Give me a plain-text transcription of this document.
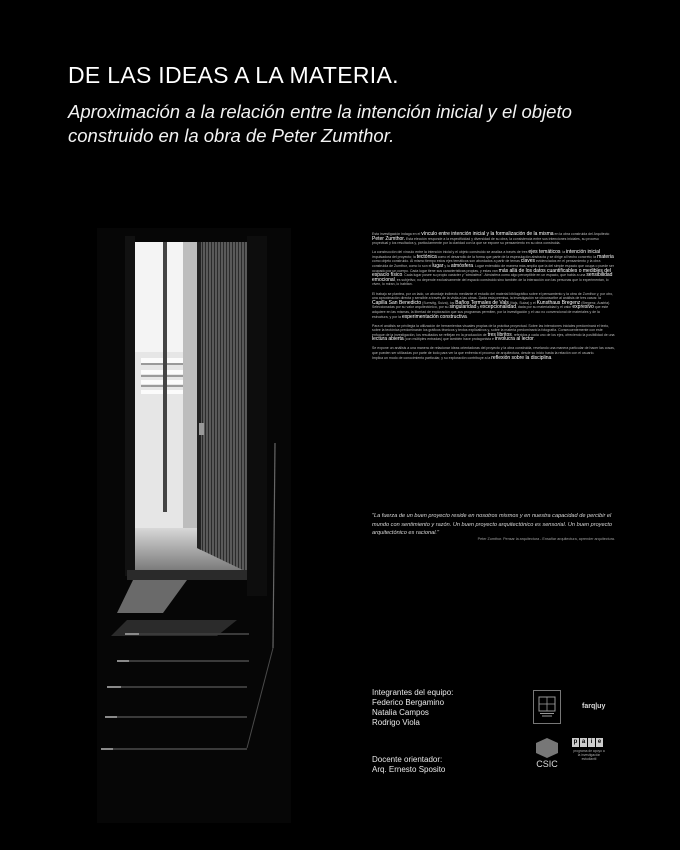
DE LAS IDEAS A LA MATERIA.

Aproximación a la relación entre la intención inicial y el objeto construido en la obra de Peter Zumthor.

Esta investigación indaga en el vínculo entre intención inicial y la formalización de la misma en la obra construida del Arquitecto Peter Zumthor. Esta elección responde a la especificidad y diversidad de su obra, la consistencia entre sus intenciones iniciales, su proceso proyectual y los resultados y, particularmente por la claridad con la que se expone su pensamiento en su obra construida.

La construcción del vínculo entre la intención inicial y el objeto construido se analiza a través de tres ejes temáticos: la intención inicial impulsadora del proyecto; la tectónica como el desarrollo de la forma que parte de la especulación abstracta y se dirige al hecho concreto; la materia como objeto construido. Al mismo tiempo estos ejes temáticos son abordados a partir de temas claves evidenciados en el pensamiento y la obra construida de Zumthor, como lo son el lugar y la atmósfera. Lugar entendido de manera más amplia que la del simple espacio que ocupa o puede ser ocupado por un cuerpo. Cada lugar tiene sus características propias, y estas van más allá de los datos cuantificables o medibles del espacio físico. Cada lugar posee su propio carácter y "atmósfera". Atmósfera como algo perceptible en un espacio, que habla a una sensibilidad emocional, es subjetivo; no depende exclusivamente del espacio construido sino también de la interacción con las personas que lo experimentan, lo viven, lo miran, lo habitan.

El trabajo se plantea, por un lado, un abordaje indirecto mediante el estudio del material bibliográfico sobre el pensamiento y la obra de Zumthor y, por otro, una aproximación directa y sensible a través de la visita a las obras. Dada esta premisa, la investigación se circunscribe al análisis de tres casos: la Capilla San Benedicto (Sumvitg, Suiza), los Baños Termales de Vals (Vals, Suiza) y el Kunsthaus Bregenz (Bregenz, Austria). Seleccionadas por su valor arquitectónico, por su singularidad y excepcionalidad, dada por su materialidad y el valor expresivo que este adquiere en las mismas, la libertad de exploración que sus programas permiten, por la investigación y el uso no convencional de materiales y de la estructura, y por la experimentación constructiva.

Para el análisis se privilegia la utilización de herramientas visuales propias de la práctica proyectual. Sobre las intenciones iniciales predominará el texto, sobre la tectónica predominarán los gráficos técnicos y textos explicativos y, sobre la materia predominará la fotografía. Consecuentemente con este enfoque de la investigación, los resultados se reflejan en la producción de tres libritos, referidos a cada uno de los ejes, ofreciendo la posibilidad de una lectura abierta (con múltiples entradas) que también hace protagonista e involucra al lector.

Se expone un análisis a una manera de relacionar ideas orientadoras del proyecto y la obra construida, revelando una manera particular de hacer las cosas, que pueden ser utilizadas por parte de todo para ver la que enfrenta el proceso de arquitectura, desde su inicio hasta la relación con el usuario.
Implica un modo de conocimiento particular, y su exploración contribuye a la reflexión sobre la disciplina.

"La fuerza de un buen proyecto reside en nosotros mismos y en nuestra capacidad de percibir el mundo con sentimiento y razón. Un buen proyecto arquitectónico es sensorial. Un buen proyecto arquitectónico es racional."
Peter Zumthor. Pensar la arquitectura - Ensañar arquitectura, aprender arquitectura.
Integrantes del equipo:
Federico Bergamino
Natalia Campos
Rodrigo Viola
Docente orientador:
Arq. Ernesto Sposito
farq|uy
CSIC
p a i e
programa de apoyo a la investigación estudiantil
